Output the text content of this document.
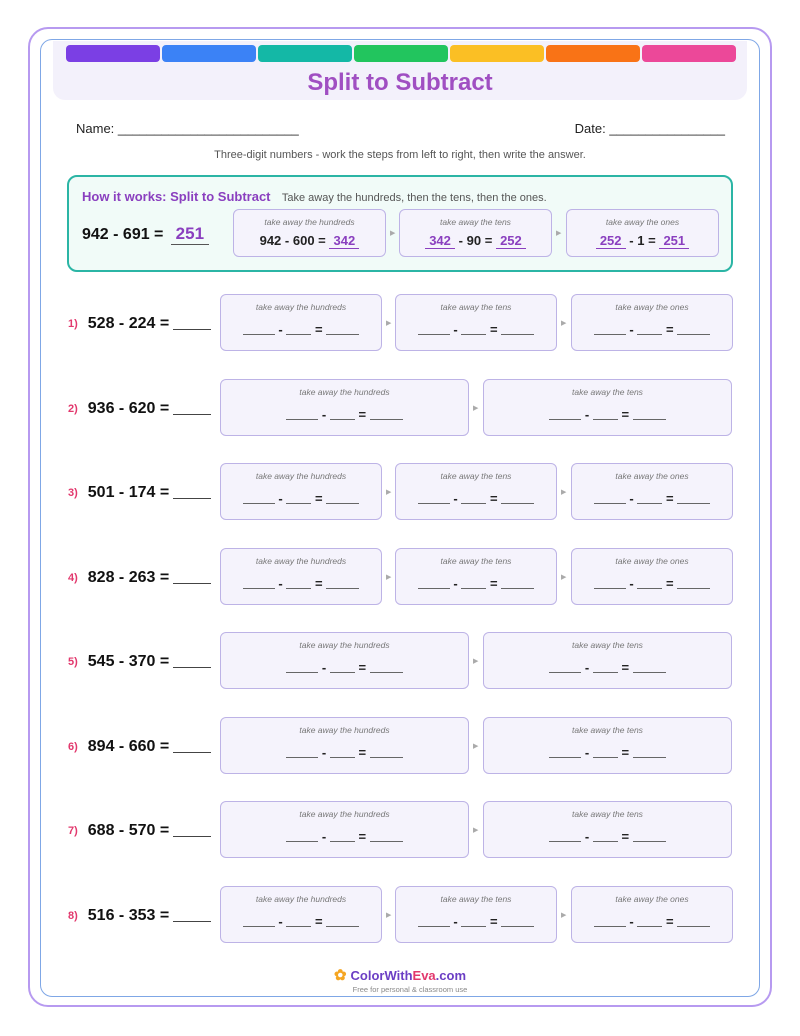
Split to Subtract
Name: _________________________	Date: ________________
Three-digit numbers - work the steps from left to right, then write the answer.
How it works: Split to Subtract Take away the hundreds, then the tens, then the ones.
942 - 691 = 251
take away the hundreds
942 - 600 = 342	▶
take away the tens
342 - 90 = 252	▶
take away the ones
252 - 1 = 251
1) 528 - 224 =
take away the hundreds
-  =	▶
take away the tens
-  =	▶
take away the ones
-  =
2) 936 - 620 =
take away the hundreds
-  =	▶
take away the tens
-  =
3) 501 - 174 =
take away the hundreds
-  =	▶
take away the tens
-  =	▶
take away the ones
-  =
4) 828 - 263 =
take away the hundreds
-  =	▶
take away the tens
-  =	▶
take away the ones
-  =
5) 545 - 370 =
take away the hundreds
-  =	▶
take away the tens
-  =
6) 894 - 660 =
take away the hundreds
-  =	▶
take away the tens
-  =
7) 688 - 570 =
take away the hundreds
-  =	▶
take away the tens
-  =
8) 516 - 353 =
take away the hundreds
-  =	▶
take away the tens
-  =	▶
take away the ones
-  =
✿ ColorWithEva.com
Free for personal & classroom use
